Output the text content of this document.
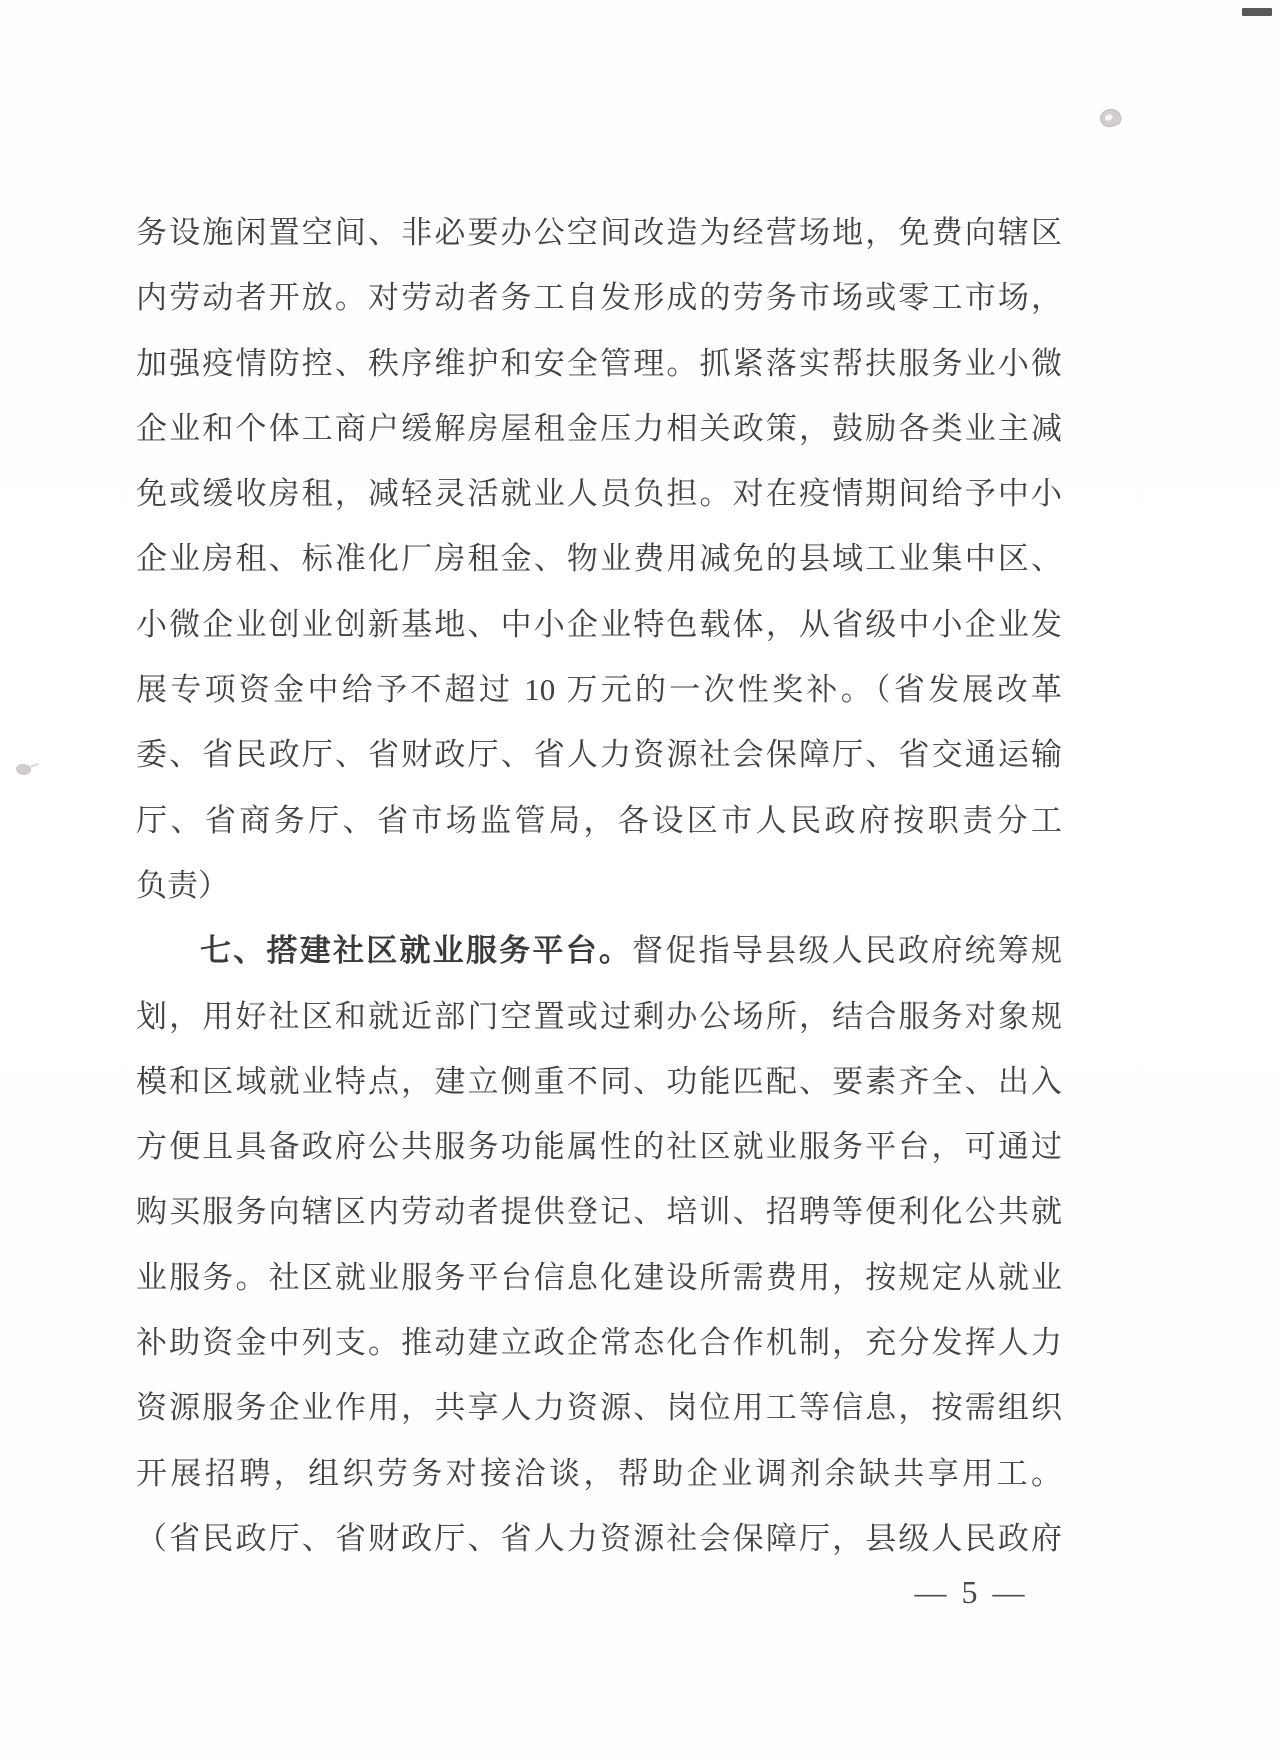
务设施闲置空间、非必要办公空间改造为经营场地，免费向辖区
内劳动者开放。对劳动者务工自发形成的劳务市场或零工市场，
加强疫情防控、秩序维护和安全管理。抓紧落实帮扶服务业小微
企业和个体工商户缓解房屋租金压力相关政策，鼓励各类业主减
免或缓收房租，减轻灵活就业人员负担。对在疫情期间给予中小
企业房租、标准化厂房租金、物业费用减免的县域工业集中区、
小微企业创业创新基地、中小企业特色载体，从省级中小企业发
展专项资金中给予不超过 10 万元的一次性奖补。（省发展改革
委、省民政厅、省财政厅、省人力资源社会保障厅、省交通运输
厅、省商务厅、省市场监管局，各设区市人民政府按职责分工
负责）
七、搭建社区就业服务平台。督促指导县级人民政府统筹规
划，用好社区和就近部门空置或过剩办公场所，结合服务对象规
模和区域就业特点，建立侧重不同、功能匹配、要素齐全、出入
方便且具备政府公共服务功能属性的社区就业服务平台，可通过
购买服务向辖区内劳动者提供登记、培训、招聘等便利化公共就
业服务。社区就业服务平台信息化建设所需费用，按规定从就业
补助资金中列支。推动建立政企常态化合作机制，充分发挥人力
资源服务企业作用，共享人力资源、岗位用工等信息，按需组织
开展招聘，组织劳务对接洽谈，帮助企业调剂余缺共享用工。
（省民政厅、省财政厅、省人力资源社会保障厅，县级人民政府
— 5 —
